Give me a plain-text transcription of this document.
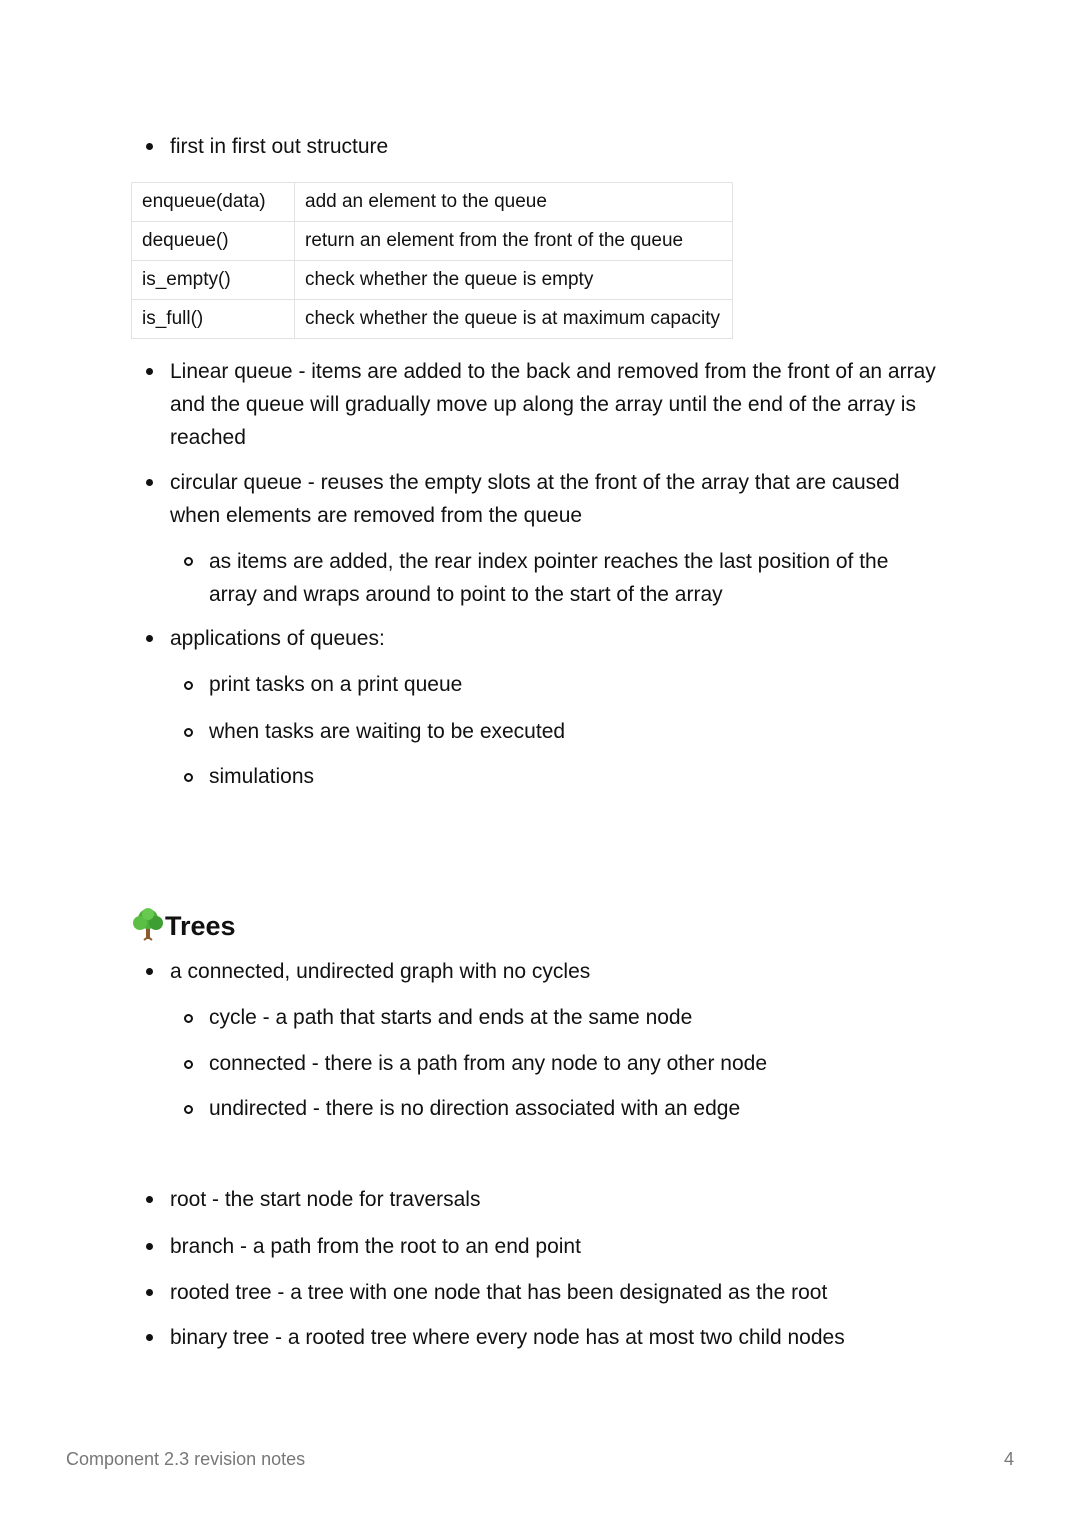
first in first out structure
enqueue(data)	add an element to the queue
dequeue()	return an element from the front of the queue
is_empty()	check whether the queue is empty
is_full()	check whether the queue is at maximum capacity
Linear queue - items are added to the back and removed from the front of an array and the queue will gradually move up along the array until the end of the array is reached
circular queue - reuses the empty slots at the front of the array that are caused when elements are removed from the queue
as items are added, the rear index pointer reaches the last position of the array and wraps around to point to the start of the array
applications of queues:
print tasks on a print queue
when tasks are waiting to be executed
simulations
Trees
a connected, undirected graph with no cycles
cycle - a path that starts and ends at the same node
connected - there is a path from any node to any other node
undirected - there is no direction associated with an edge
root - the start node for traversals
branch - a path from the root to an end point
rooted tree - a tree with one node that has been designated as the root
binary tree - a rooted tree where every node has at most two child nodes
Component 2.3 revision notes	4
